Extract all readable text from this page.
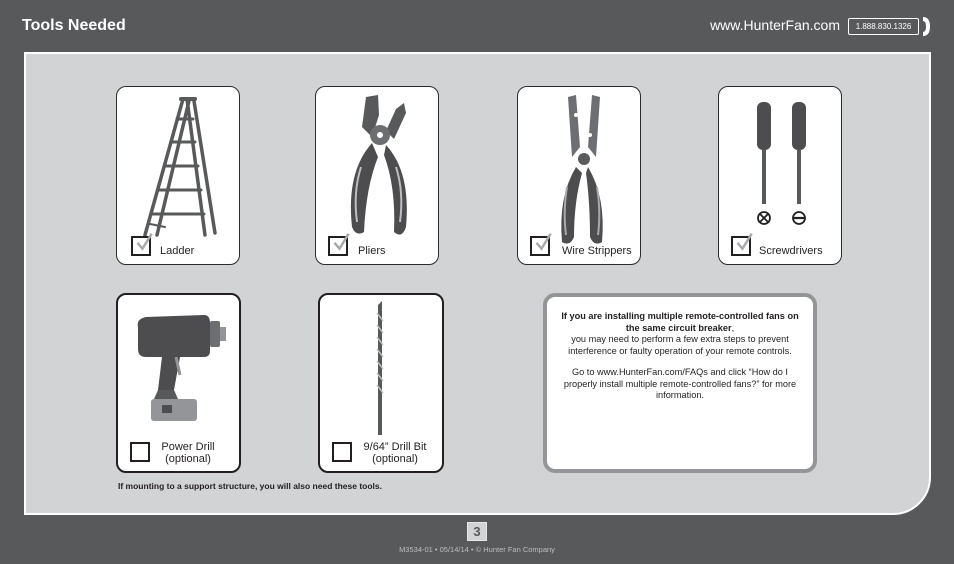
Tools Needed	www.HunterFan.com	1.888.830.1326
Ladder	Pliers	Wire Strippers	Screwdrivers
Power Drill
(optional)
9/64” Drill Bit
(optional)
If mounting to a support structure, you will also need these tools.

If you are installing multiple remote-controlled fans on the same circuit breaker,
you may need to perform a few extra steps to prevent interference or faulty operation of your remote controls.

Go to www.HunterFan.com/FAQs and click “How do I properly install multiple remote-controlled fans?” for more information.

3
M3534-01 • 05/14/14 • © Hunter Fan Company
